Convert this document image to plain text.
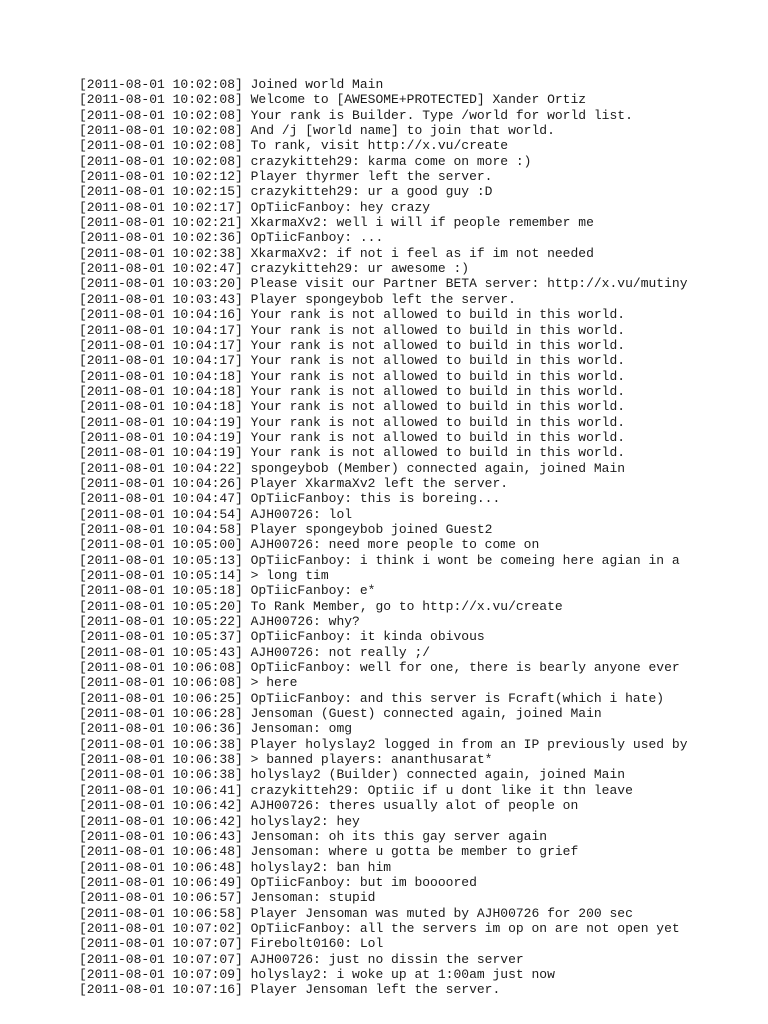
[2011-08-01 10:02:08] Joined world Main
[2011-08-01 10:02:08] Welcome to [AWESOME+PROTECTED] Xander Ortiz
[2011-08-01 10:02:08] Your rank is Builder. Type /world for world list.
[2011-08-01 10:02:08] And /j [world name] to join that world.
[2011-08-01 10:02:08] To rank, visit http://x.vu/create
[2011-08-01 10:02:08] crazykitteh29: karma come on more :)
[2011-08-01 10:02:12] Player thyrmer left the server.
[2011-08-01 10:02:15] crazykitteh29: ur a good guy :D
[2011-08-01 10:02:17] OpTiicFanboy: hey crazy
[2011-08-01 10:02:21] XkarmaXv2: well i will if people remember me
[2011-08-01 10:02:36] OpTiicFanboy: ...
[2011-08-01 10:02:38] XkarmaXv2: if not i feel as if im not needed
[2011-08-01 10:02:47] crazykitteh29: ur awesome :)
[2011-08-01 10:03:20] Please visit our Partner BETA server: http://x.vu/mutiny
[2011-08-01 10:03:43] Player spongeybob left the server.
[2011-08-01 10:04:16] Your rank is not allowed to build in this world.
[2011-08-01 10:04:17] Your rank is not allowed to build in this world.
[2011-08-01 10:04:17] Your rank is not allowed to build in this world.
[2011-08-01 10:04:17] Your rank is not allowed to build in this world.
[2011-08-01 10:04:18] Your rank is not allowed to build in this world.
[2011-08-01 10:04:18] Your rank is not allowed to build in this world.
[2011-08-01 10:04:18] Your rank is not allowed to build in this world.
[2011-08-01 10:04:19] Your rank is not allowed to build in this world.
[2011-08-01 10:04:19] Your rank is not allowed to build in this world.
[2011-08-01 10:04:19] Your rank is not allowed to build in this world.
[2011-08-01 10:04:22] spongeybob (Member) connected again, joined Main
[2011-08-01 10:04:26] Player XkarmaXv2 left the server.
[2011-08-01 10:04:47] OpTiicFanboy: this is boreing...
[2011-08-01 10:04:54] AJH00726: lol
[2011-08-01 10:04:58] Player spongeybob joined Guest2
[2011-08-01 10:05:00] AJH00726: need more people to come on
[2011-08-01 10:05:13] OpTiicFanboy: i think i wont be comeing here agian in a
[2011-08-01 10:05:14] > long tim
[2011-08-01 10:05:18] OpTiicFanboy: e*
[2011-08-01 10:05:20] To Rank Member, go to http://x.vu/create
[2011-08-01 10:05:22] AJH00726: why?
[2011-08-01 10:05:37] OpTiicFanboy: it kinda obivous
[2011-08-01 10:05:43] AJH00726: not really ;/
[2011-08-01 10:06:08] OpTiicFanboy: well for one, there is bearly anyone ever
[2011-08-01 10:06:08] > here
[2011-08-01 10:06:25] OpTiicFanboy: and this server is Fcraft(which i hate)
[2011-08-01 10:06:28] Jensoman (Guest) connected again, joined Main
[2011-08-01 10:06:36] Jensoman: omg
[2011-08-01 10:06:38] Player holyslay2 logged in from an IP previously used by
[2011-08-01 10:06:38] > banned players: ananthusarat*
[2011-08-01 10:06:38] holyslay2 (Builder) connected again, joined Main
[2011-08-01 10:06:41] crazykitteh29: Optiic if u dont like it thn leave
[2011-08-01 10:06:42] AJH00726: theres usually alot of people on
[2011-08-01 10:06:42] holyslay2: hey
[2011-08-01 10:06:43] Jensoman: oh its this gay server again
[2011-08-01 10:06:48] Jensoman: where u gotta be member to grief
[2011-08-01 10:06:48] holyslay2: ban him
[2011-08-01 10:06:49] OpTiicFanboy: but im boooored
[2011-08-01 10:06:57] Jensoman: stupid
[2011-08-01 10:06:58] Player Jensoman was muted by AJH00726 for 200 sec
[2011-08-01 10:07:02] OpTiicFanboy: all the servers im op on are not open yet
[2011-08-01 10:07:07] Firebolt0160: Lol
[2011-08-01 10:07:07] AJH00726: just no dissin the server
[2011-08-01 10:07:09] holyslay2: i woke up at 1:00am just now
[2011-08-01 10:07:16] Player Jensoman left the server.
